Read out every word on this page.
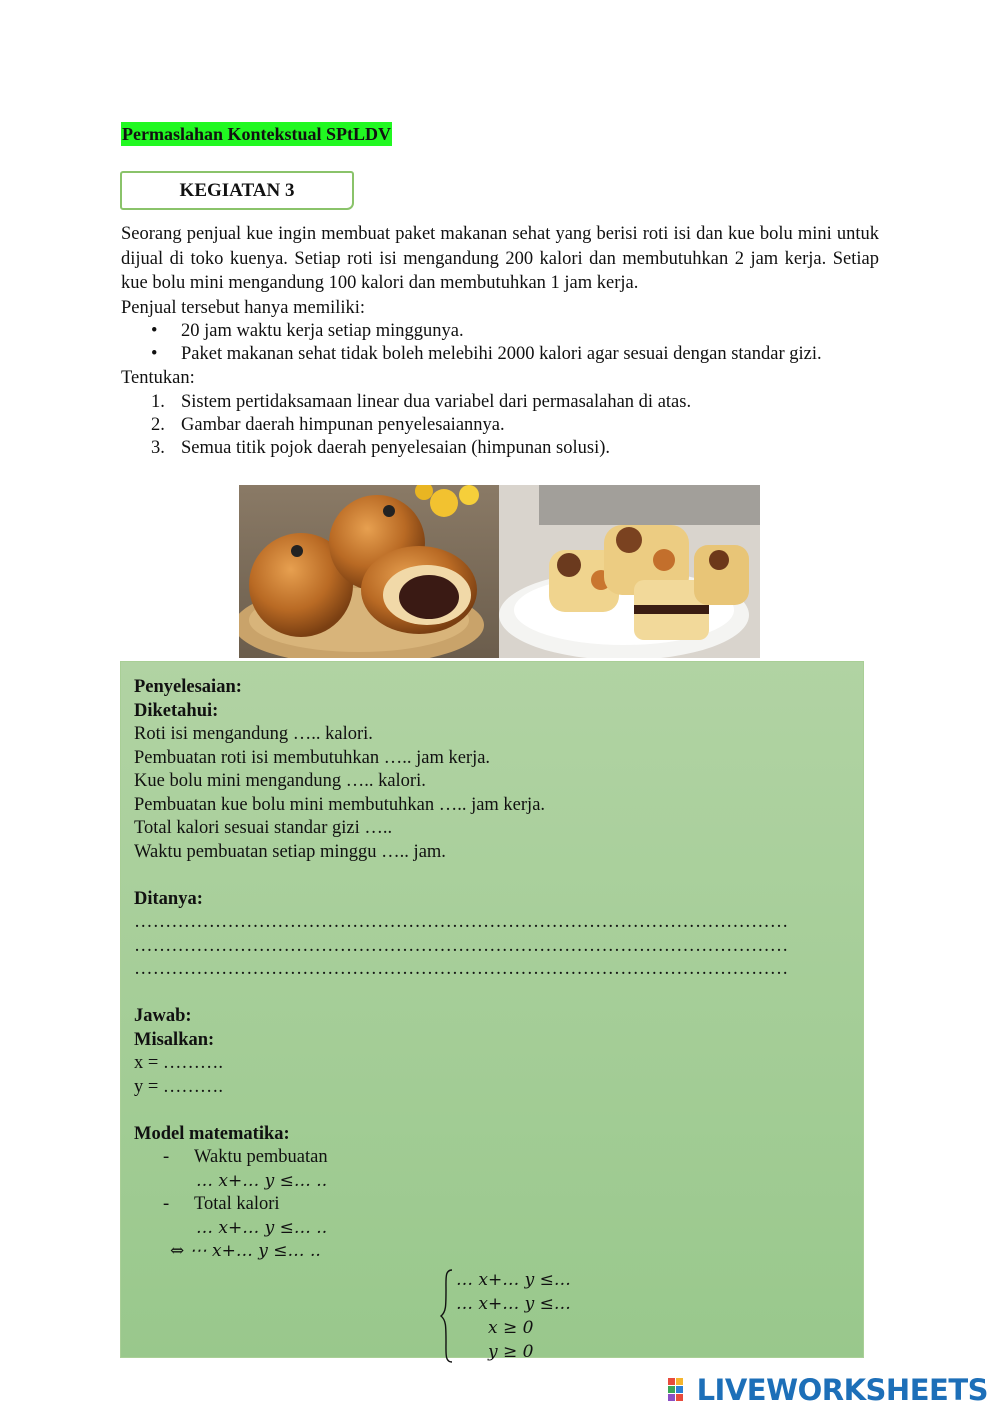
Permaslahan Kontekstual SPtLDV
KEGIATAN 3

Seorang penjual kue ingin membuat paket makanan sehat yang berisi roti isi dan kue bolu mini untuk dijual di toko kuenya. Setiap roti isi mengandung 200 kalori dan membutuhkan 2 jam kerja. Setiap kue bolu mini mengandung 100 kalori dan membutuhkan 1 jam kerja.

Penjual tersebut hanya memiliki:

• 20 jam waktu kerja setiap minggunya.
• Paket makanan sehat tidak boleh melebihi 2000 kalori agar sesuai dengan standar gizi.

Tentukan:

1. Sistem pertidaksamaan linear dua variabel dari permasalahan di atas.
2. Gambar daerah himpunan penyelesaiannya.
3. Semua titik pojok daerah penyelesaian (himpunan solusi).
Penyelesaian:
Diketahui:
Roti isi mengandung ….. kalori.
Pembuatan roti isi membutuhkan ….. jam kerja.
Kue bolu mini mengandung ….. kalori.
Pembuatan kue bolu mini membutuhkan ….. jam kerja.
Total kalori sesuai standar gizi …..
Waktu pembuatan setiap minggu ….. jam.
Ditanya:
……………………………………………………………………………………………
……………………………………………………………………………………………
……………………………………………………………………………………………
Jawab:
Misalkan:
x = ……….
y = ……….
Model matematika:
- Waktu pembuatan
… 𝑥+… 𝑦 ≤… ..
- Total kalori
… 𝑥+… 𝑦 ≤… ..
⇔ ⋯ 𝑥+… 𝑦 ≤… ..
… 𝑥+… 𝑦 ≤…
… 𝑥+… 𝑦 ≤…
𝑥 ≥ 0
𝑦 ≥ 0
LIVEWORKSHEETS
